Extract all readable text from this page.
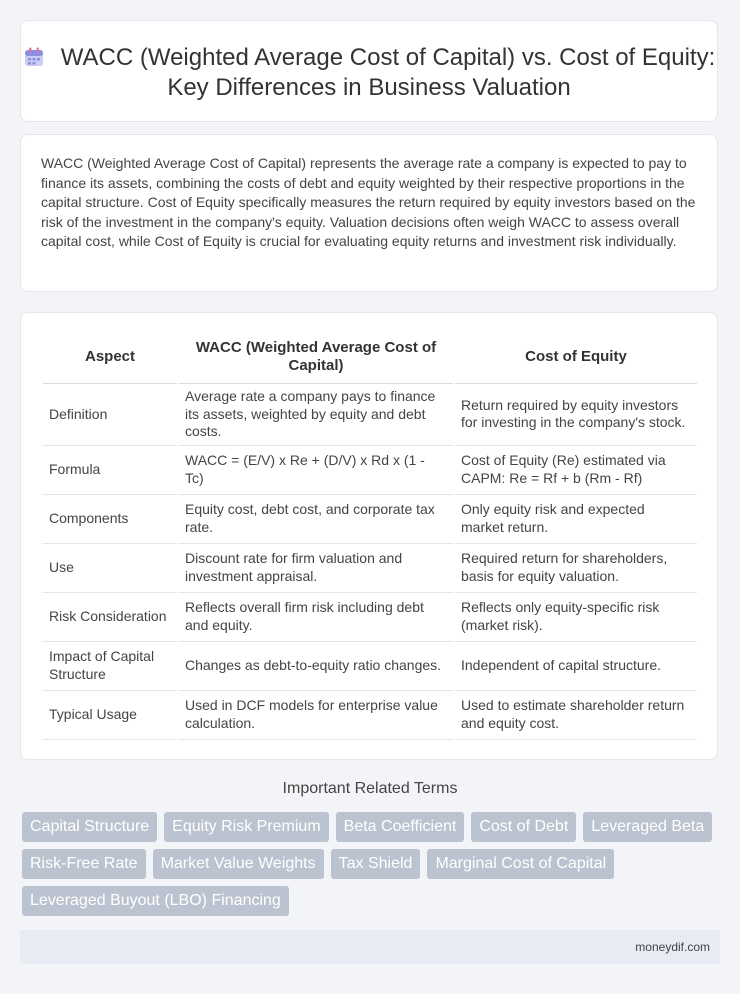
WACC (Weighted Average Cost of Capital) vs. Cost of Equity: Key Differences in Business Valuation
WACC (Weighted Average Cost of Capital) represents the average rate a company is expected to pay to finance its assets, combining the costs of debt and equity weighted by their respective proportions in the capital structure. Cost of Equity specifically measures the return required by equity investors based on the risk of the investment in the company's equity. Valuation decisions often weigh WACC to assess overall capital cost, while Cost of Equity is crucial for evaluating equity returns and investment risk individually.
Aspect	WACC (Weighted Average Cost of Capital)	Cost of Equity
Definition	Average rate a company pays to finance its assets, weighted by equity and debt costs.	Return required by equity investors for investing in the company's stock.
Formula	WACC = (E/V) x Re + (D/V) x Rd x (1 - Tc)	Cost of Equity (Re) estimated via CAPM: Re = Rf + b (Rm - Rf)
Components	Equity cost, debt cost, and corporate tax rate.	Only equity risk and expected market return.
Use	Discount rate for firm valuation and investment appraisal.	Required return for shareholders, basis for equity valuation.
Risk Consideration	Reflects overall firm risk including debt and equity.	Reflects only equity-specific risk (market risk).
Impact of Capital Structure	Changes as debt-to-equity ratio changes.	Independent of capital structure.
Typical Usage	Used in DCF models for enterprise value calculation.	Used to estimate shareholder return and equity cost.
Important Related Terms
Capital Structure	Equity Risk Premium	Beta Coefficient	Cost of Debt	Leveraged Beta
Risk-Free Rate	Market Value Weights	Tax Shield	Marginal Cost of Capital
Leveraged Buyout (LBO) Financing
moneydif.com
